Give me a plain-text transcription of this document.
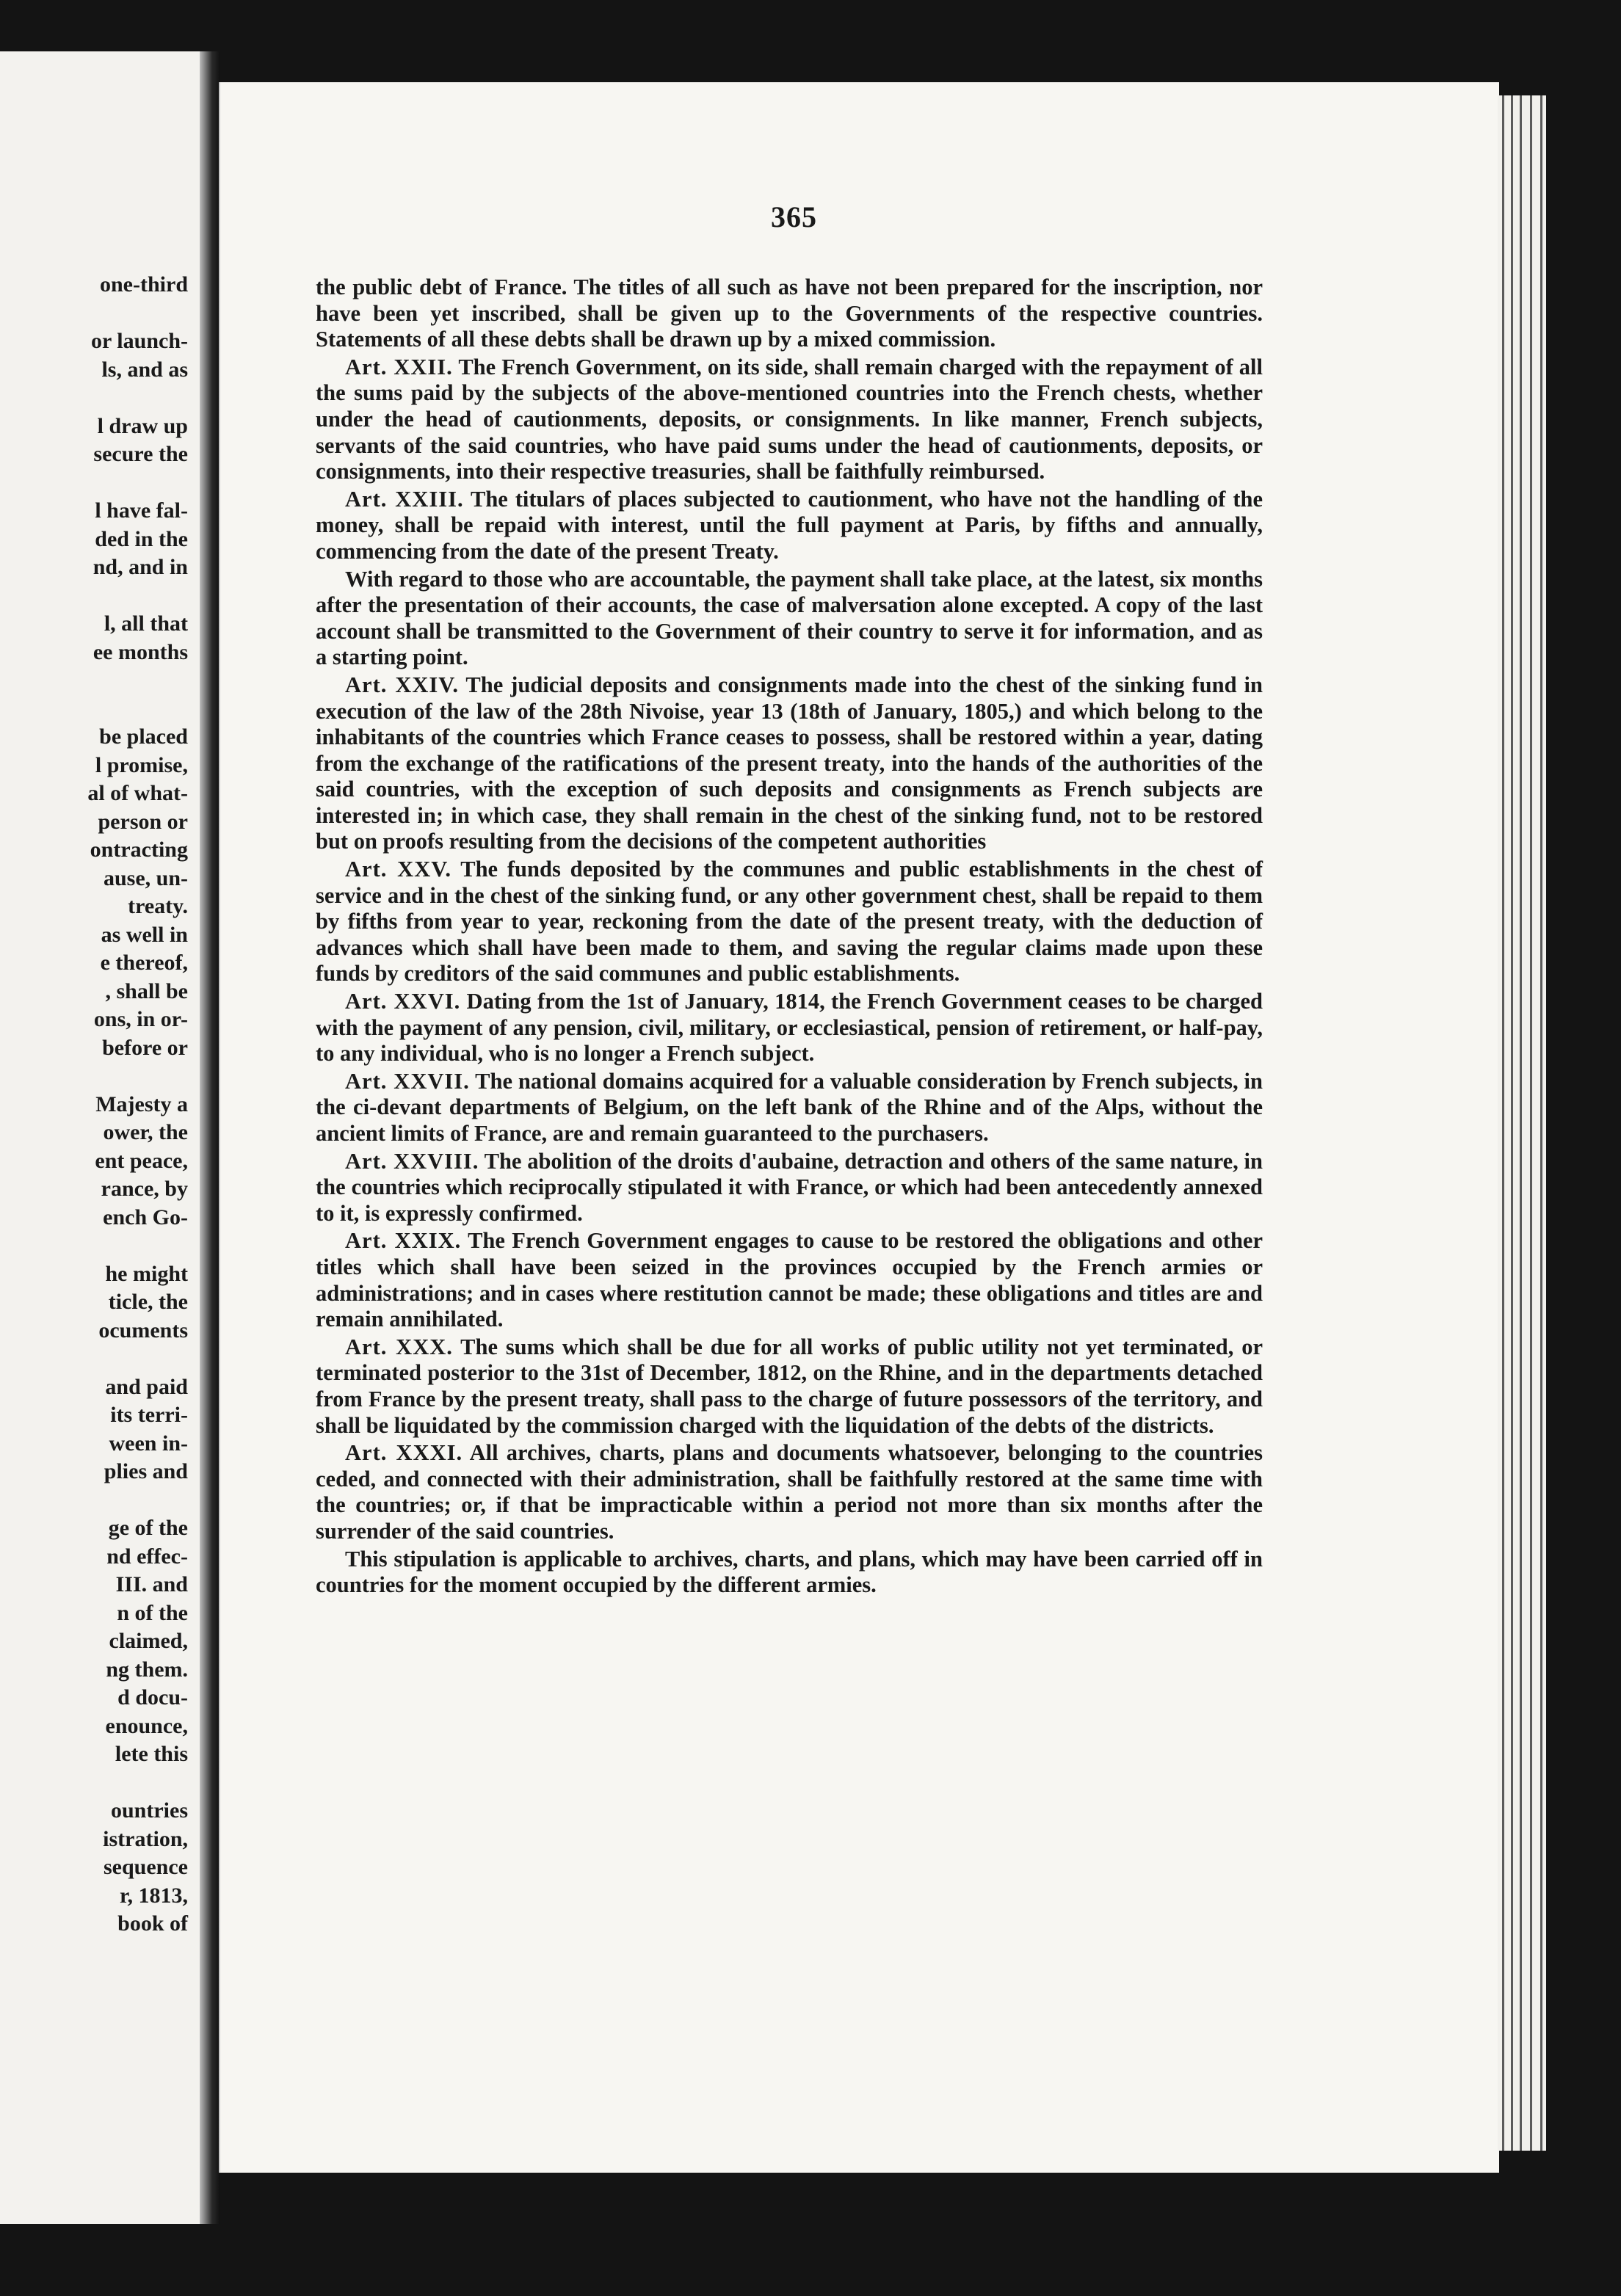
one-third
or launch-
ls, and as
l draw up
secure the
l have fal-
ded in the
nd, and in
l, all that
ee months
be placed
l promise,
al of what-
person or
ontracting
ause, un-
treaty.
as well in
e thereof,
, shall be
ons, in or-
before or
Majesty a
ower, the
ent peace,
rance, by
ench Go-
he might
ticle, the
ocuments
and paid
its terri-
ween in-
plies and
ge of the
nd effec-
III. and
n of the
claimed,
ng them.
d docu-
enounce,
lete this
ountries
istration,
sequence
r, 1813,
book of
365

the public debt of France. The titles of all such as have not been prepared for the inscription, nor have been yet inscribed, shall be given up to the Governments of the respective countries. Statements of all these debts shall be drawn up by a mixed commission.

Art. XXII. The French Government, on its side, shall remain charged with the repayment of all the sums paid by the subjects of the above-mentioned countries into the French chests, whether under the head of cautionments, deposits, or consignments. In like manner, French subjects, servants of the said countries, who have paid sums under the head of cautionments, deposits, or consignments, into their respective treasuries, shall be faithfully reimbursed.

Art. XXIII. The titulars of places subjected to cautionment, who have not the handling of the money, shall be repaid with interest, until the full payment at Paris, by fifths and annually, commencing from the date of the present Treaty.

With regard to those who are accountable, the payment shall take place, at the latest, six months after the presentation of their accounts, the case of malversation alone excepted. A copy of the last account shall be transmitted to the Government of their country to serve it for information, and as a starting point.

Art. XXIV. The judicial deposits and consignments made into the chest of the sinking fund in execution of the law of the 28th Nivoise, year 13 (18th of January, 1805,) and which belong to the inhabitants of the countries which France ceases to possess, shall be restored within a year, dating from the exchange of the ratifications of the present treaty, into the hands of the authorities of the said countries, with the exception of such deposits and consignments as French subjects are interested in; in which case, they shall remain in the chest of the sinking fund, not to be restored but on proofs resulting from the decisions of the competent authorities

Art. XXV. The funds deposited by the communes and public establishments in the chest of service and in the chest of the sinking fund, or any other government chest, shall be repaid to them by fifths from year to year, reckoning from the date of the present treaty, with the deduction of advances which shall have been made to them, and saving the regular claims made upon these funds by creditors of the said communes and public establishments.

Art. XXVI. Dating from the 1st of January, 1814, the French Government ceases to be charged with the payment of any pension, civil, military, or ecclesiastical, pension of retirement, or half-pay, to any individual, who is no longer a French subject.

Art. XXVII. The national domains acquired for a valuable consideration by French subjects, in the ci-devant departments of Belgium, on the left bank of the Rhine and of the Alps, without the ancient limits of France, are and remain guaranteed to the purchasers.

Art. XXVIII. The abolition of the droits d'aubaine, detraction and others of the same nature, in the countries which reciprocally stipulated it with France, or which had been antecedently annexed to it, is expressly confirmed.

Art. XXIX. The French Government engages to cause to be restored the obligations and other titles which shall have been seized in the provinces occupied by the French armies or administrations; and in cases where restitution cannot be made; these obligations and titles are and remain annihilated.

Art. XXX. The sums which shall be due for all works of public utility not yet terminated, or terminated posterior to the 31st of December, 1812, on the Rhine, and in the departments detached from France by the present treaty, shall pass to the charge of future possessors of the territory, and shall be liquidated by the commission charged with the liquidation of the debts of the districts.

Art. XXXI. All archives, charts, plans and documents whatsoever, belonging to the countries ceded, and connected with their administration, shall be faithfully restored at the same time with the countries; or, if that be impracticable within a period not more than six months after the surrender of the said countries.

This stipulation is applicable to archives, charts, and plans, which may have been carried off in countries for the moment occupied by the different armies.
